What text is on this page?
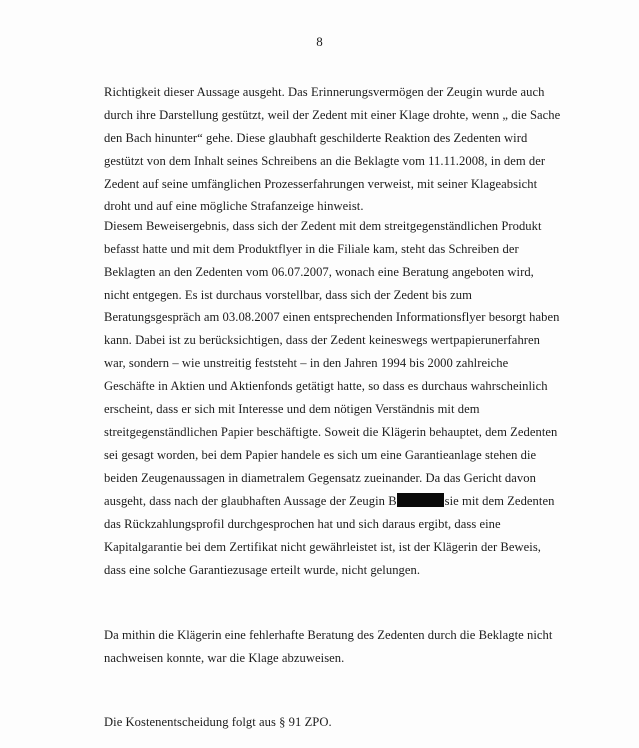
8
Richtigkeit dieser Aussage ausgeht. Das Erinnerungsvermögen der Zeugin wurde auch
durch ihre Darstellung gestützt, weil der Zedent mit einer Klage drohte, wenn „ die Sache
den Bach hinunter“ gehe. Diese glaubhaft geschilderte Reaktion des Zedenten wird
gestützt von dem Inhalt seines Schreibens an die Beklagte vom 11.11.2008, in dem der
Zedent auf seine umfänglichen Prozesserfahrungen verweist, mit seiner Klageabsicht
droht und auf eine mögliche Strafanzeige hinweist.
Diesem Beweisergebnis, dass sich der Zedent mit dem streitgegenständlichen Produkt
befasst hatte und mit dem Produktflyer in die Filiale kam, steht das Schreiben der
Beklagten an den Zedenten vom 06.07.2007, wonach eine Beratung angeboten wird,
nicht entgegen. Es ist durchaus vorstellbar, dass sich der Zedent bis zum
Beratungsgespräch am 03.08.2007 einen entsprechenden Informationsflyer besorgt haben
kann. Dabei ist zu berücksichtigen, dass der Zedent keineswegs wertpapierunerfahren
war, sondern – wie unstreitig feststeht – in den Jahren 1994 bis 2000 zahlreiche
Geschäfte in Aktien und Aktienfonds getätigt hatte, so dass es durchaus wahrscheinlich
erscheint, dass er sich mit Interesse und dem nötigen Verständnis mit dem
streitgegenständlichen Papier beschäftigte. Soweit die Klägerin behauptet, dem Zedenten
sei gesagt worden, bei dem Papier handele es sich um eine Garantieanlage stehen die
beiden Zeugenaussagen in diametralem Gegensatz zueinander. Da das Gericht davon
ausgeht, dass nach der glaubhaften Aussage der Zeugin B	sie mit dem Zedenten
das Rückzahlungsprofil durchgesprochen hat und sich daraus ergibt, dass eine
Kapitalgarantie bei dem Zertifikat nicht gewährleistet ist, ist der Klägerin der Beweis,
dass eine solche Garantiezusage erteilt wurde, nicht gelungen.
Da mithin die Klägerin eine fehlerhafte Beratung des Zedenten durch die Beklagte nicht
nachweisen konnte, war die Klage abzuweisen.
Die Kostenentscheidung folgt aus § 91 ZPO.
